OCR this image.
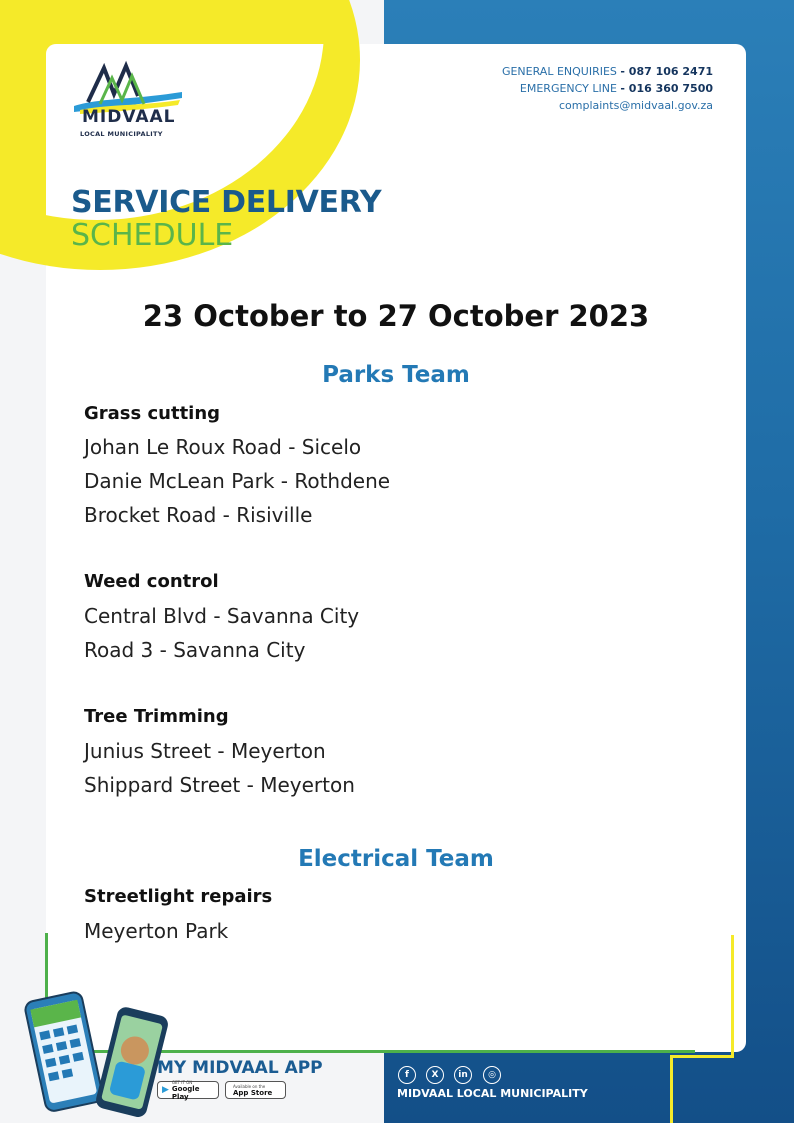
MIDVAAL
LOCAL MUNICIPALITY
GENERAL ENQUIRIES - 087 106 2471
EMERGENCY LINE - 016 360 7500
complaints@midvaal.gov.za
SERVICE DELIVERY
SCHEDULE
23 October to 27 October 2023
Parks Team
Grass cutting
Johan Le Roux Road - Sicelo
Danie McLean Park - Rothdene
Brocket Road - Risiville
Weed control
Central Blvd - Savanna City
Road 3 - Savanna City
Tree Trimming
Junius Street - Meyerton
Shippard Street - Meyerton
Electrical Team
Streetlight repairs
Meyerton Park
MY MIDVAAL APP
▶
GET IT ON
Google Play
Available on the
App Store
f	X	in	◎
MIDVAAL LOCAL MUNICIPALITY
